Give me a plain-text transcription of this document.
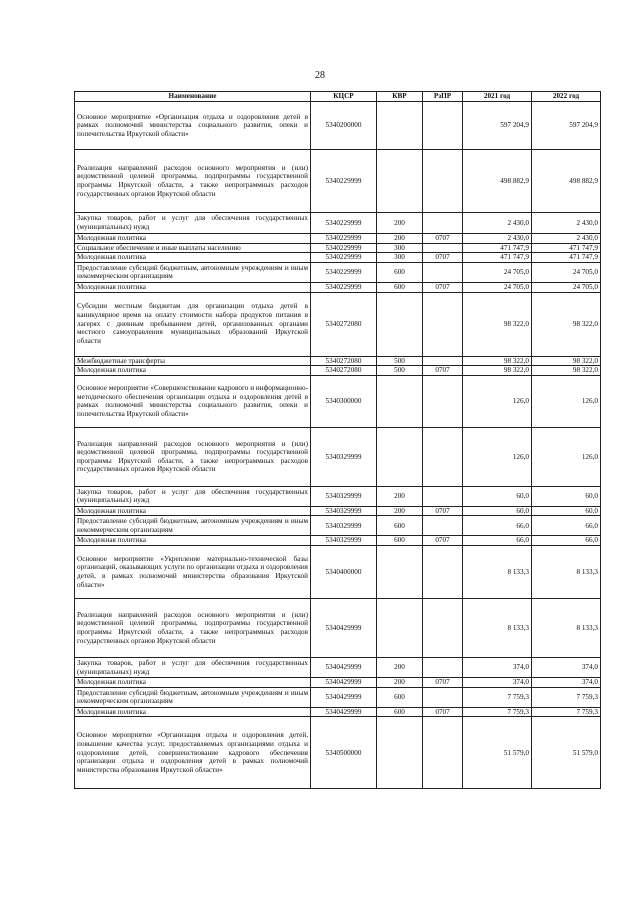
28
Наименование	КЦСР	КВР	РзПР	2021 год	2022 год
Основное мероприятие «Организация отдыха и оздоровления детей в рамках полномочий министерства социального развития, опеки и попечительства Иркутской области»	5340200000			597 204,9	597 204,9
Реализация направлений расходов основного мероприятия и (или) ведомственной целевой программы, подпрограммы государственной программы Иркутской области, а также непрограммных расходов государственных органов Иркутской области	5340229999			498 882,9	498 882,9
Закупка товаров, работ и услуг для обеспечения государственных (муниципальных) нужд	5340229999	200		2 430,0	2 430,0
Молодежная политика	5340229999	200	0707	2 430,0	2 430,0
Социальное обеспечение и иные выплаты населению	5340229999	300		471 747,9	471 747,9
Молодежная политика	5340229999	300	0707	471 747,9	471 747,9
Предоставление субсидий бюджетным, автономным учреждениям и иным некоммерческим организациям	5340229999	600		24 705,0	24 705,0
Молодежная политика	5340229999	600	0707	24 705,0	24 705,0
Субсидии местным бюджетам для организации отдыха детей в каникулярное время на оплату стоимости набора продуктов питания в лагерях с дневным пребыванием детей, организованных органами местного самоуправления муниципальных образований Иркутской области	5340272080			98 322,0	98 322,0
Межбюджетные трансферты	5340272080	500		98 322,0	98 322,0
Молодежная политика	5340272080	500	0707	98 322,0	98 322,0
Основное мероприятие «Совершенствование кадрового и информационно-методического обеспечения организации отдыха и оздоровления детей в рамках полномочий министерства социального развития, опеки и попечительства Иркутской области»	5340300000			126,0	126,0
Реализация направлений расходов основного мероприятия и (или) ведомственной целевой программы, подпрограммы государственной программы Иркутской области, а также непрограммных расходов государственных органов Иркутской области	5340329999			126,0	126,0
Закупка товаров, работ и услуг для обеспечения государственных (муниципальных) нужд	5340329999	200		60,0	60,0
Молодежная политика	5340329999	200	0707	60,0	60,0
Предоставление субсидий бюджетным, автономным учреждениям и иным некоммерческим организациям	5340329999	600		66,0	66,0
Молодежная политика	5340329999	600	0707	66,0	66,0
Основное мероприятие «Укрепление материально-технической базы организаций, оказывающих услуги по организации отдыха и оздоровления детей, в рамках полномочий министерства образования Иркутской области»	5340400000			8 133,3	8 133,3
Реализация направлений расходов основного мероприятия и (или) ведомственной целевой программы, подпрограммы государственной программы Иркутской области, а также непрограммных расходов государственных органов Иркутской области	5340429999			8 133,3	8 133,3
Закупка товаров, работ и услуг для обеспечения государственных (муниципальных) нужд	5340429999	200		374,0	374,0
Молодежная политика	5340429999	200	0707	374,0	374,0
Предоставление субсидий бюджетным, автономным учреждениям и иным некоммерческим организациям	5340429999	600		7 759,3	7 759,3
Молодежная политика	5340429999	600	0707	7 759,3	7 759,3
Основное мероприятие «Организация отдыха и оздоровления детей, повышение качества услуг, предоставляемых организациями отдыха и оздоровления детей, совершенствование кадрового обеспечения организации отдыха и оздоровления детей в рамках полномочий министерства образования Иркутской области»	5340500000			51 579,0	51 579,0
